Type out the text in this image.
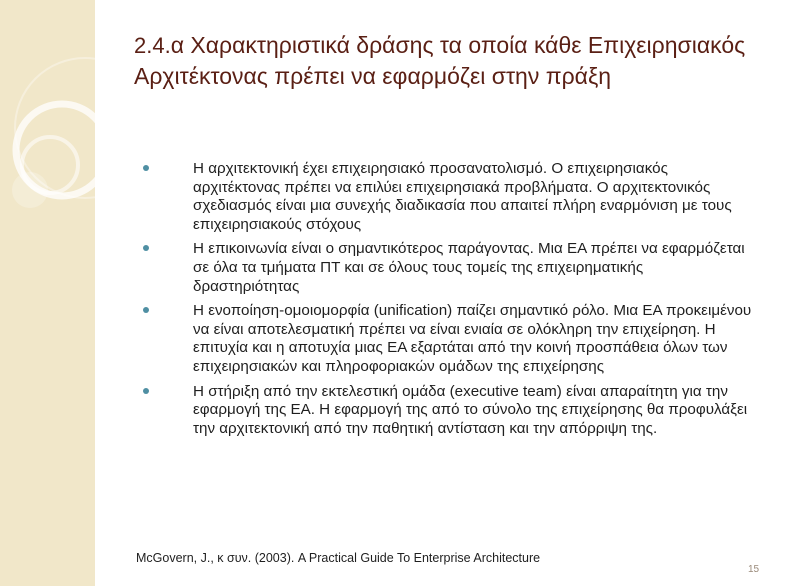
2.4.α Χαρακτηριστικά δράσης τα οποία κάθε Επιχειρησιακός Αρχιτέκτονας πρέπει να εφαρμόζει στην πράξη
Η αρχιτεκτονική έχει επιχειρησιακό προσανατολισμό. Ο επιχειρησιακός αρχιτέκτονας πρέπει να επιλύει επιχειρησιακά προβλήματα. Ο αρχιτεκτονικός σχεδιασμός είναι μια συνεχής διαδικασία που απαιτεί πλήρη εναρμόνιση με τους επιχειρησιακούς στόχους
Η επικοινωνία είναι ο σημαντικότερος παράγοντας. Μια ΕΑ πρέπει να εφαρμόζεται σε όλα τα τμήματα ΠΤ και σε όλους τους τομείς της επιχειρηματικής δραστηριότητας
Η ενοποίηση-ομοιομορφία (unification) παίζει σημαντικό ρόλο. Μια ΕΑ προκειμένου να είναι αποτελεσματική πρέπει να είναι ενιαία σε ολόκληρη την επιχείρηση. Η επιτυχία και η αποτυχία μιας ΕΑ εξαρτάται από την κοινή προσπάθεια όλων των επιχειρησιακών και πληροφοριακών ομάδων της επιχείρησης
Η στήριξη από την εκτελεστική ομάδα (executive team) είναι απαραίτητη για την εφαρμογή της ΕΑ. Η εφαρμογή της από το σύνολο της επιχείρησης θα προφυλάξει την αρχιτεκτονική από την παθητική αντίσταση και την απόρριψη της.
McGovern, J., κ συν. (2003). A Practical Guide To Enterprise Architecture
15
